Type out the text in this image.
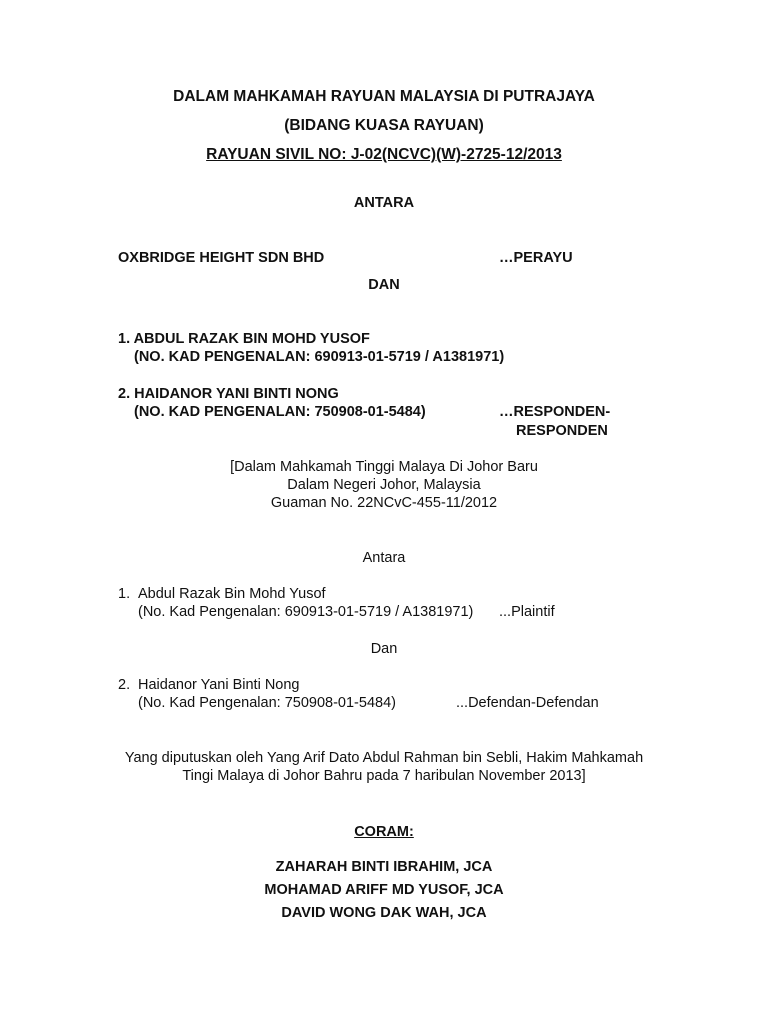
DALAM MAHKAMAH RAYUAN MALAYSIA DI PUTRAJAYA
(BIDANG KUASA RAYUAN)
RAYUAN SIVIL NO: J-02(NCVC)(W)-2725-12/2013
ANTARA
OXBRIDGE HEIGHT SDN BHD	…PERAYU
DAN
1. ABDUL RAZAK BIN MOHD YUSOF
(NO. KAD PENGENALAN: 690913-01-5719 / A1381971)
2. HAIDANOR YANI BINTI NONG
(NO. KAD PENGENALAN: 750908-01-5484)	…RESPONDEN-
RESPONDEN
[Dalam Mahkamah Tinggi Malaya Di Johor Baru
Dalam Negeri Johor, Malaysia
Guaman No. 22NCvC-455-11/2012
Antara
1. Abdul Razak Bin Mohd Yusof
(No. Kad Pengenalan: 690913-01-5719 / A1381971) ...Plaintif
Dan
2. Haidanor Yani Binti Nong
(No. Kad Pengenalan: 750908-01-5484)	...Defendan-Defendan
Yang diputuskan oleh Yang Arif Dato Abdul Rahman bin Sebli, Hakim Mahkamah
Tingi Malaya di Johor Bahru pada 7 haribulan November 2013]
CORAM:
ZAHARAH BINTI IBRAHIM, JCA
MOHAMAD ARIFF MD YUSOF, JCA
DAVID WONG DAK WAH, JCA
